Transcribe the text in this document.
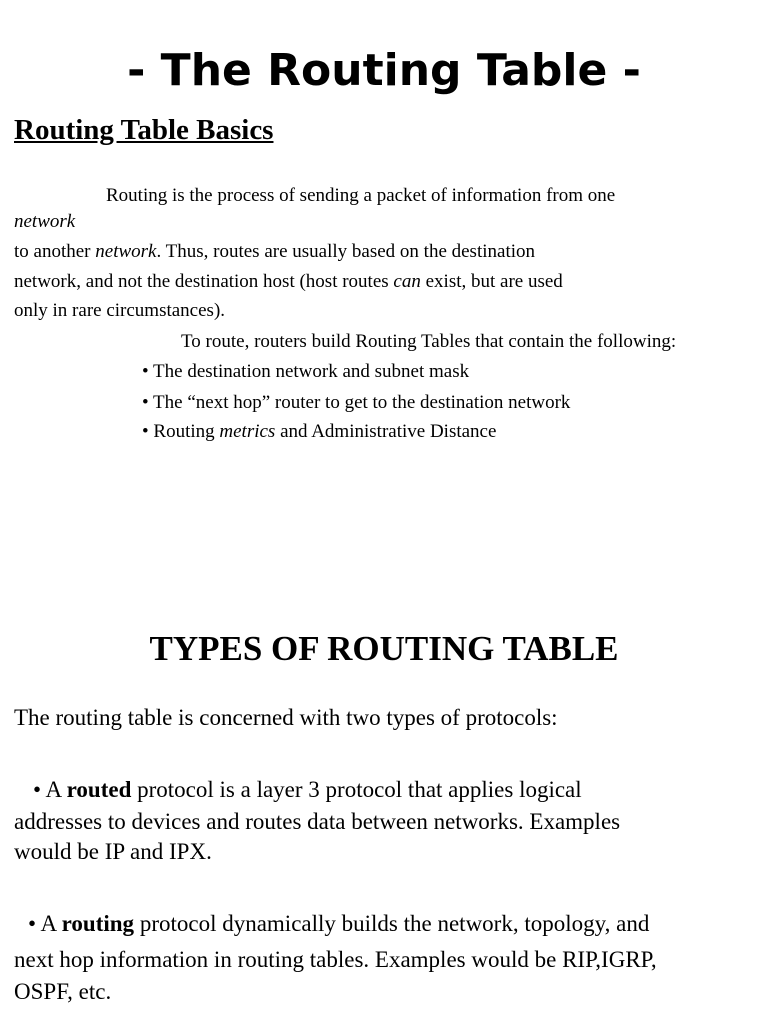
- The Routing Table -
Routing Table Basics
Routing is the process of sending a packet of information from one
network
to another network. Thus, routes are usually based on the destination
network, and not the destination host (host routes can exist, but are used
only in rare circumstances).
To route, routers build Routing Tables that contain the following:
• The destination network and subnet mask
• The “next hop” router to get to the destination network
• Routing metrics and Administrative Distance
TYPES OF ROUTING TABLE
The routing table is concerned with two types of protocols:
• A routed protocol is a layer 3 protocol that applies logical
addresses to devices and routes data between networks. Examples
would be IP and IPX.
• A routing protocol dynamically builds the network, topology, and
next hop information in routing tables. Examples would be RIP,IGRP,
OSPF, etc.
